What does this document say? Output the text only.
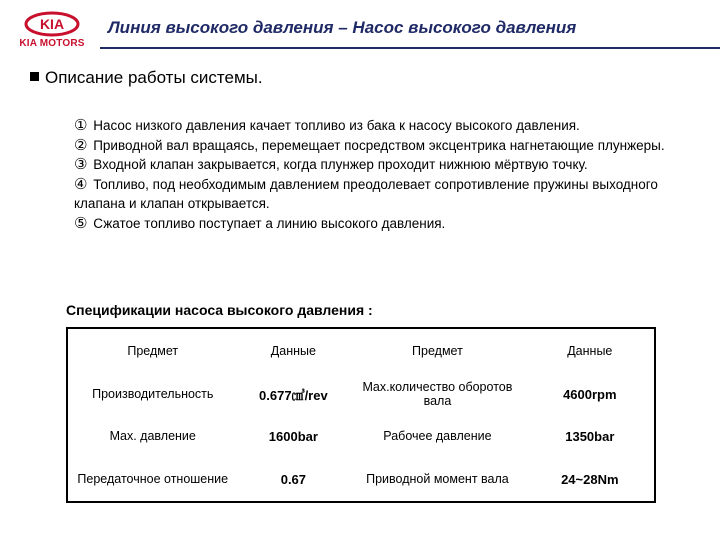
KIA
KIA MOTORS
Линия высокого давления – Насос высокого давления
Описание работы системы.

① Насос низкого давления качает топливо из бака к насосу высокого давления.

② Приводной вал вращаясь, перемещает посредством эксцентрика нагнетающие плунжеры.

③ Входной клапан закрывается, когда плунжер проходит нижнюю мёртвую точку.

④ Топливо, под необходимым давлением преодолевает сопротивление пружины выходного клапана и клапан открывается.

⑤ Сжатое топливо поступает а линию высокого давления.

Спецификации насоса высокого давления :
Предмет	Данные	Предмет	Данные
Производительность	0.677㎤/rev	Max.количество оборотов вала	4600rpm
Max. давление	1600bar	Рабочее давление	1350bar
Передаточное отношение	0.67	Приводной момент вала	24~28Nm
